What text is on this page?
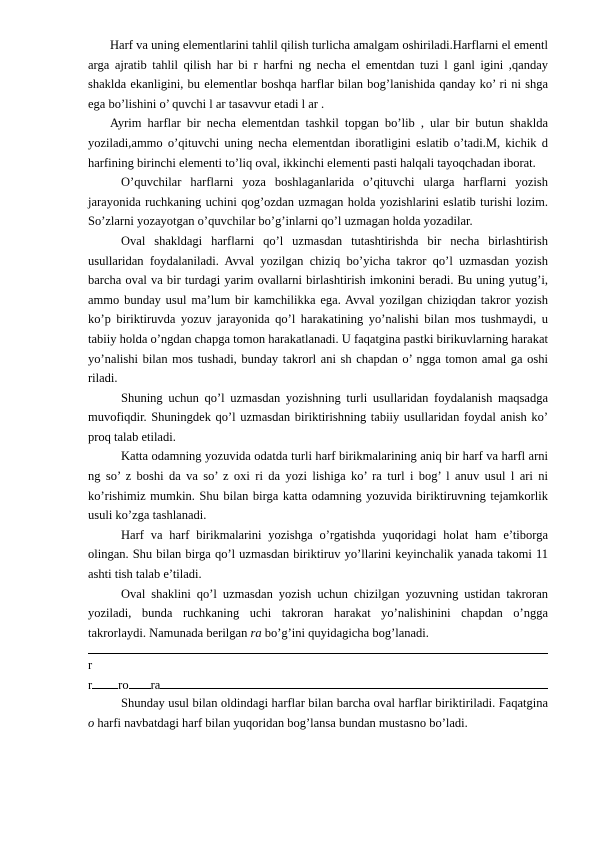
Harf va uning elementlarini tahlil qilish turlicha amalgam oshiriladi.Harflarni el ementl arga ajratib tahlil qilish har bi r harfni ng necha el ementdan tuzi l ganl igini ,qanday shaklda ekanligini, bu elementlar boshqa harflar bilan bog’lanishida qanday ko’ ri ni shga ega bo’lishini o’ quvchi l ar tasavvur etadi l ar .

Ayrim harflar bir necha elementdan tashkil topgan bo’lib , ular bir butun shaklda yoziladi,ammo o’qituvchi uning necha elementdan iboratligini eslatib o’tadi.M, kichik d harfining birinchi elementi to’liq oval, ikkinchi elementi pasti halqali tayoqchadan iborat.

O’quvchilar harflarni yoza boshlaganlarida o’qituvchi ularga harflarni yozish jarayonida ruchkaning uchini qog’ozdan uzmagan holda yozishlarini eslatib turishi lozim. So’zlarni yozayotgan o’quvchilar bo’g’inlarni qo’l uzmagan holda yozadilar.

Oval shakldagi harflarni qo’l uzmasdan tutashtirishda bir necha birlashtirish usullaridan foydalaniladi. Avval yozilgan chiziq bo’yicha takror qo’l uzmasdan yozish barcha oval va bir turdagi yarim ovallarni birlashtirish imkonini beradi. Bu uning yutug’i, ammo bunday usul ma’lum bir kamchilikka ega. Avval yozilgan chiziqdan takror yozish ko’p biriktiruvda yozuv jarayonida qo’l harakatining yo’nalishi bilan mos tushmaydi, u tabiiy holda o’ngdan chapga tomon harakatlanadi. U faqatgina pastki birikuvlarning harakat yo’nalishi bilan mos tushadi, bunday takrorl ani sh chapdan o’ ngga tomon amal ga oshi riladi.

Shuning uchun qo’l uzmasdan yozishning turli usullaridan foydalanish maqsadga muvofiqdir. Shuningdek qo’l uzmasdan biriktirishning tabiiy usullaridan foydal anish ko’ proq talab etiladi.

Katta odamning yozuvida odatda turli harf birikmalarining aniq bir harf va harfl arni ng so’ z boshi da va so’ z oxi ri da yozi lishiga ko’ ra turl i bog’ l anuv usul l ari ni ko’rishimiz mumkin. Shu bilan birga katta odamning yozuvida biriktiruvning tejamkorlik usuli ko’zga tashlanadi.

Harf va harf birikmalarini yozishga o’rgatishda yuqoridagi holat ham e’tiborga olingan. Shu bilan birga qo’l uzmasdan biriktiruv yo’llarini keyinchalik yanada takomi 11 ashti tish talab e’tiladi.

Oval shaklini qo’l uzmasdan yozish uchun chizilgan yozuvning ustidan takroran yoziladi, bunda ruchkaning uchi takroran harakat yo’nalishinini chapdan o’ngga takrorlaydi. Namunada berilgan ra bo’g’ini quyidagicha bog’lanadi.

r

r ro ra

Shunday usul bilan oldindagi harflar bilan barcha oval harflar biriktiriladi. Faqatgina o harfi navbatdagi harf bilan yuqoridan bog’lansa bundan mustasno bo’ladi.
